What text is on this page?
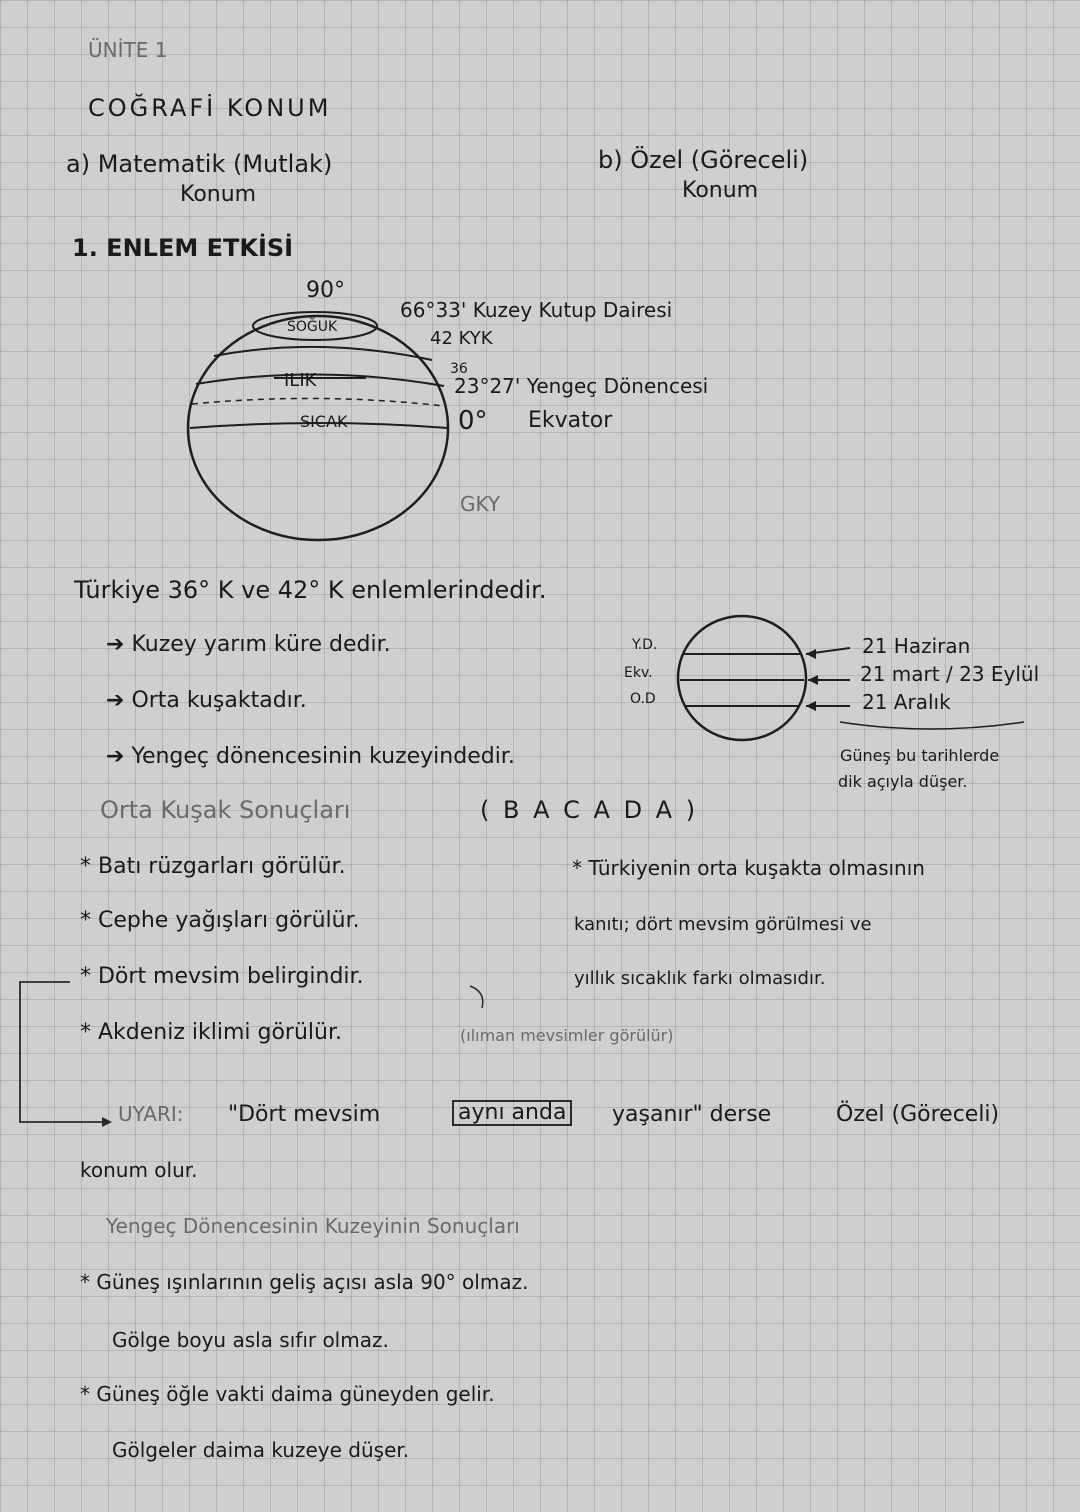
ÜNİTE 1
COĞRAFİ KONUM
a) Matematik (Mutlak)
Konum
b) Özel (Göreceli)
Konum
1. ENLEM ETKİSİ
SOĞUK
ILIK
SICAK
90°
66°33' Kuzey Kutup Dairesi
42 KYK
36
23°27' Yengeç Dönencesi
0° Ekvator
GKY
Türkiye 36° K ve 42° K enlemlerindedir.
➔ Kuzey yarım küre dedir.
➔ Orta kuşaktadır.
➔ Yengeç dönencesinin kuzeyindedir.
Y.D.
Ekv.
O.D
21 Haziran
21 mart / 23 Eylül
21 Aralık
Güneş bu tarihlerde
dik açıyla düşer.
Orta Kuşak Sonuçları	( B A C A D A )
* Batı rüzgarları görülür.
* Cephe yağışları görülür.
* Dört mevsim belirgindir.
* Akdeniz iklimi görülür.	(ılıman mevsimler görülür)
* Türkiyenin orta kuşakta olmasının
kanıtı; dört mevsim görülmesi ve
yıllık sıcaklık farkı olmasıdır.
UYARI: "Dört mevsim	aynı anda yaşanır" derse	Özel (Göreceli)
konum olur.
Yengeç Dönencesinin Kuzeyinin Sonuçları
* Güneş ışınlarının geliş açısı asla 90° olmaz.
Gölge boyu asla sıfır olmaz.
* Güneş öğle vakti daima güneyden gelir.
Gölgeler daima kuzeye düşer.
